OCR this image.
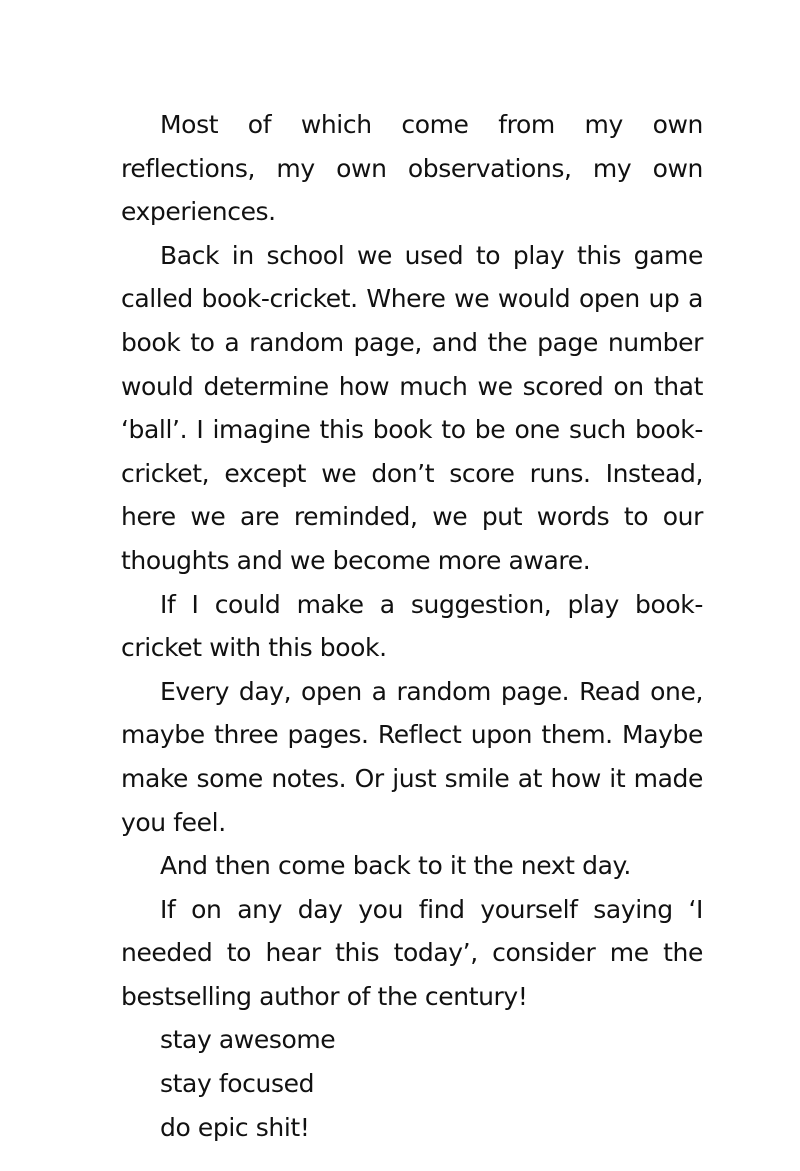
Most of which come from my own reflections, my own observations, my own experiences.

Back in school we used to play this game called book-cricket. Where we would open up a book to a random page, and the page number would determine how much we scored on that ‘ball’. I imagine this book to be one such book-cricket, except we don’t score runs. Instead, here we are reminded, we put words to our thoughts and we become more aware.

If I could make a suggestion, play book-cricket with this book.

Every day, open a random page. Read one, maybe three pages. Reflect upon them. Maybe make some notes. Or just smile at how it made you feel.

And then come back to it the next day.

If on any day you find yourself saying ‘I needed to hear this today’, consider me the bestselling author of the century!

stay awesome

stay focused

do epic shit!
